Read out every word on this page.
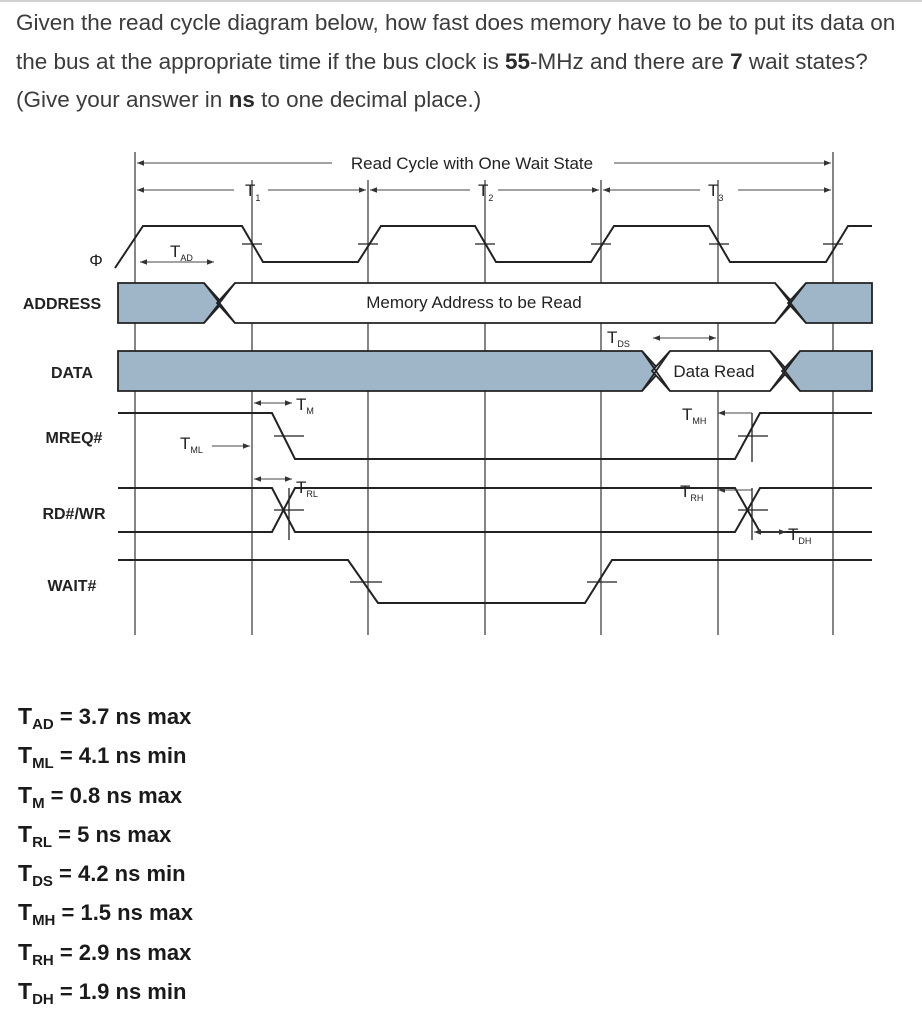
Given the read cycle diagram below, how fast does memory have to be to put its data on the bus at the appropriate time if the bus clock is 55-MHz and there are 7 wait states? (Give your answer in ns to one decimal place.)
Read Cycle with One Wait State
$T_1$	$T_2$	$T_3$
Φ
ADDRESS
DATA
MREQ#
RD#/WR
WAIT#
$T_{AD}$
Memory Address to be Read
$T_{DS}$
Data Read
$T_M$
$T_{ML}$
$T_{MH}$
$T_{RL}$	$T_{RH}$
$T_{DH}$
$T_{AD} = 3.7$ ns max
$T_{ML} = 4.1$ ns min
$T_M = 0.8$ ns max
$T_{RL} = 5$ ns max
$T_{DS} = 4.2$ ns min
$T_{MH} = 1.5$ ns max
$T_{RH} = 2.9$ ns max
$T_{DH} = 1.9$ ns min
